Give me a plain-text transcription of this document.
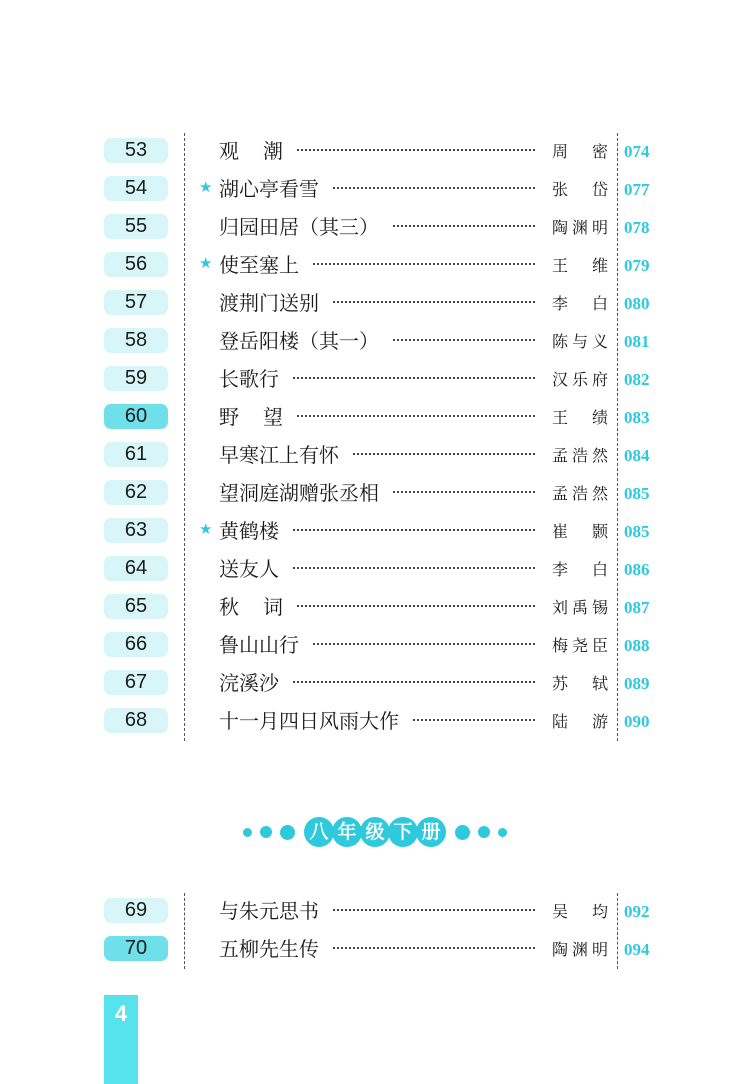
53	观潮	周密 074
54	★ 湖心亭看雪	张岱 077
55	归园田居（其三）	陶渊明 078
56	★ 使至塞上	王维 079
57	渡荆门送别	李白 080
58	登岳阳楼（其一）	陈与义 081
59	长歌行	汉乐府 082
60	野望	王绩 083
61	早寒江上有怀	孟浩然 084
62	望洞庭湖赠张丞相	孟浩然 085
63	★ 黄鹤楼	崔颢 085
64	送友人	李白 086
65	秋词	刘禹锡 087
66	鲁山山行	梅尧臣 088
67	浣溪沙	苏轼 089
68	十一月四日风雨大作	陆游 090
八 年 级 下 册
69	与朱元思书	吴均 092
70	五柳先生传	陶渊明 094
4
